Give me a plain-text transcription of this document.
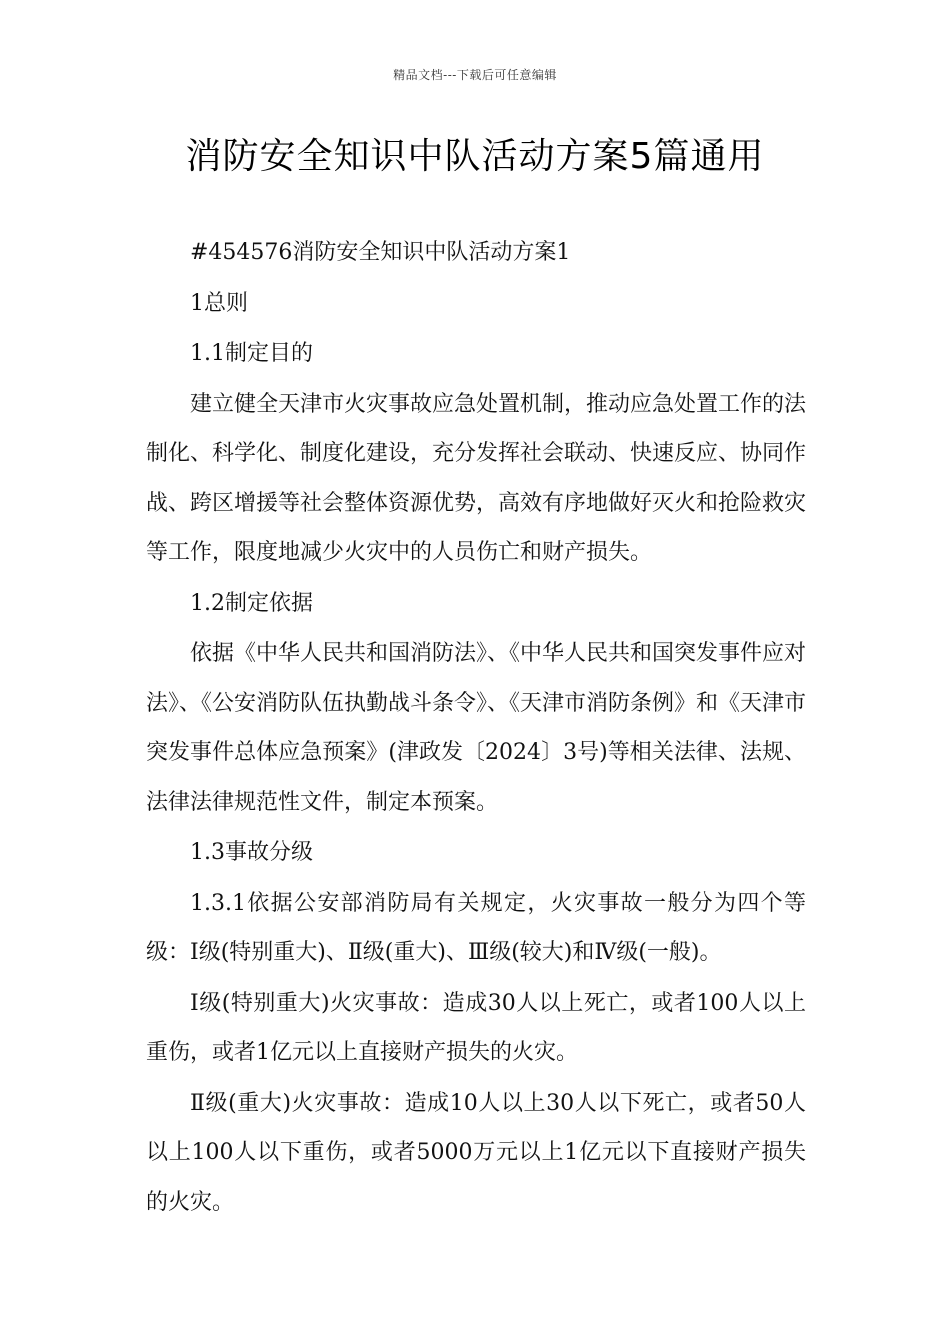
精品文档---下载后可任意编辑
消防安全知识中队活动方案5篇通用

#454576消防安全知识中队活动方案1

1总则

1.1制定目的

建立健全天津市火灾事故应急处置机制，推动应急处置工作的法制化、科学化、制度化建设，充分发挥社会联动、快速反应、协同作战、跨区增援等社会整体资源优势，高效有序地做好灭火和抢险救灾等工作，限度地减少火灾中的人员伤亡和财产损失。

1.2制定依据

依据《中华人民共和国消防法》、《中华人民共和国突发事件应对法》、《公安消防队伍执勤战斗条令》、《天津市消防条例》和《天津市突发事件总体应急预案》(津政发〔2024〕3号)等相关法律、法规、法律法律规范性文件，制定本预案。

1.3事故分级

1.3.1依据公安部消防局有关规定，火灾事故一般分为四个等级：Ⅰ级(特别重大)、Ⅱ级(重大)、Ⅲ级(较大)和Ⅳ级(一般)。

Ⅰ级(特别重大)火灾事故：造成30人以上死亡，或者100人以上重伤，或者1亿元以上直接财产损失的火灾。

Ⅱ级(重大)火灾事故：造成10人以上30人以下死亡，或者50人以上100人以下重伤，或者5000万元以上1亿元以下直接财产损失的火灾。
